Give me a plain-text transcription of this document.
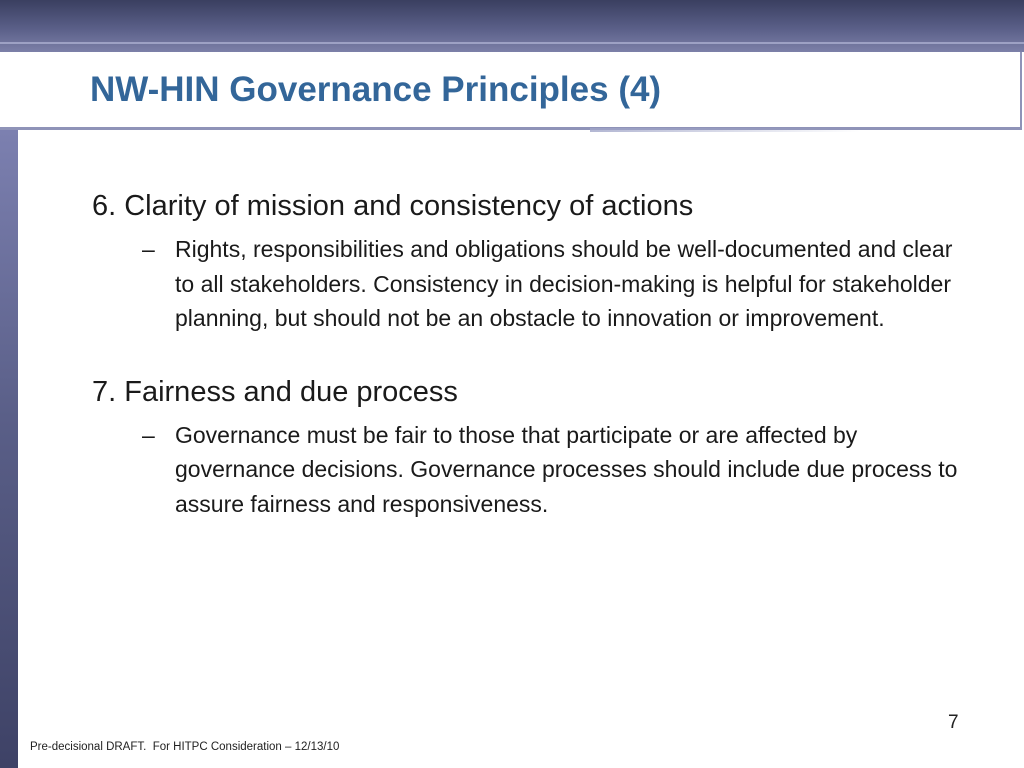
NW-HIN Governance Principles (4)

6. Clarity of mission and consistency of actions

– Rights, responsibilities and obligations should be well-documented and clear to all stakeholders. Consistency in decision-making is helpful for stakeholder planning, but should not be an obstacle to innovation or improvement.

7. Fairness and due process

– Governance must be fair to those that participate or are affected by governance decisions. Governance processes should include due process to assure fairness and responsiveness.
7
Pre-decisional DRAFT.  For HITPC Consideration – 12/13/10
